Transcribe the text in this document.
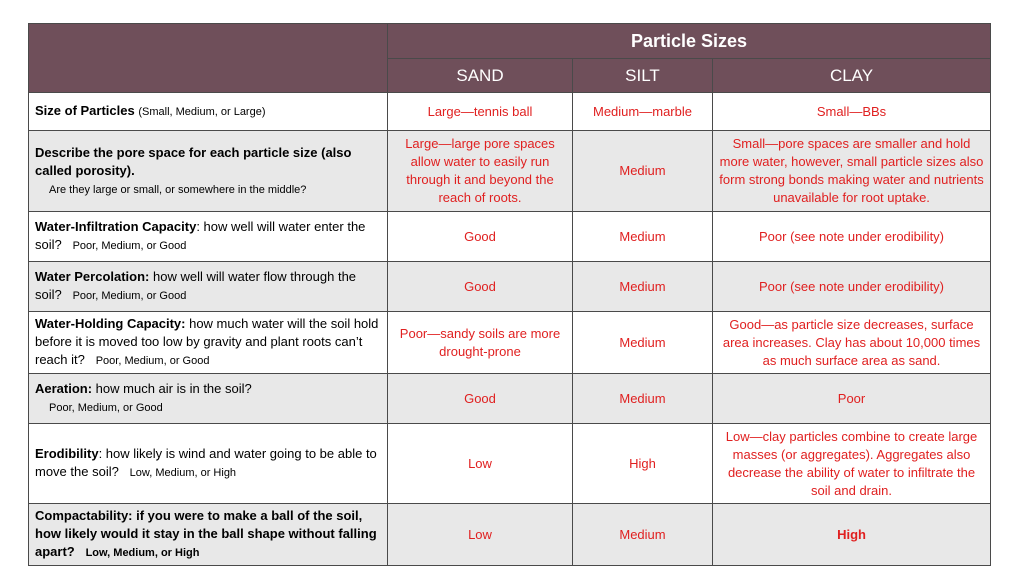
	Particle Sizes		
	SAND	SILT	CLAY
Size of Particles (Small, Medium, or Large)	Large—tennis ball	Medium—marble	Small—BBs
Describe the pore space for each particle size (also called porosity).
Are they large or small, or somewhere in the middle?	Large—large pore spaces allow water to easily run through it and beyond the reach of roots.	Medium	Small—pore spaces are smaller and hold more water, however, small particle sizes also form strong bonds making water and nutrients unavailable for root uptake.
Water-Infiltration Capacity: how well will water enter the soil? Poor, Medium, or Good	Good	Medium	Poor (see note under erodibility)
Water Percolation: how well will water flow through the soil? Poor, Medium, or Good	Good	Medium	Poor (see note under erodibility)
Water-Holding Capacity: how much water will the soil hold before it is moved too low by gravity and plant roots can’t reach it? Poor, Medium, or Good	Poor—sandy soils are more drought-prone	Medium	Good—as particle size decreases, surface area increases. Clay has about 10,000 times as much surface area as sand.
Aeration: how much air is in the soil?
Poor, Medium, or Good	Good	Medium	Poor
Erodibility: how likely is wind and water going to be able to move the soil? Low, Medium, or High	Low	High	Low—clay particles combine to create large masses (or aggregates). Aggregates also decrease the ability of water to infiltrate the soil and drain.
Compactability: if you were to make a ball of the soil, how likely would it stay in the ball shape without falling apart? Low, Medium, or High	Low	Medium	High
